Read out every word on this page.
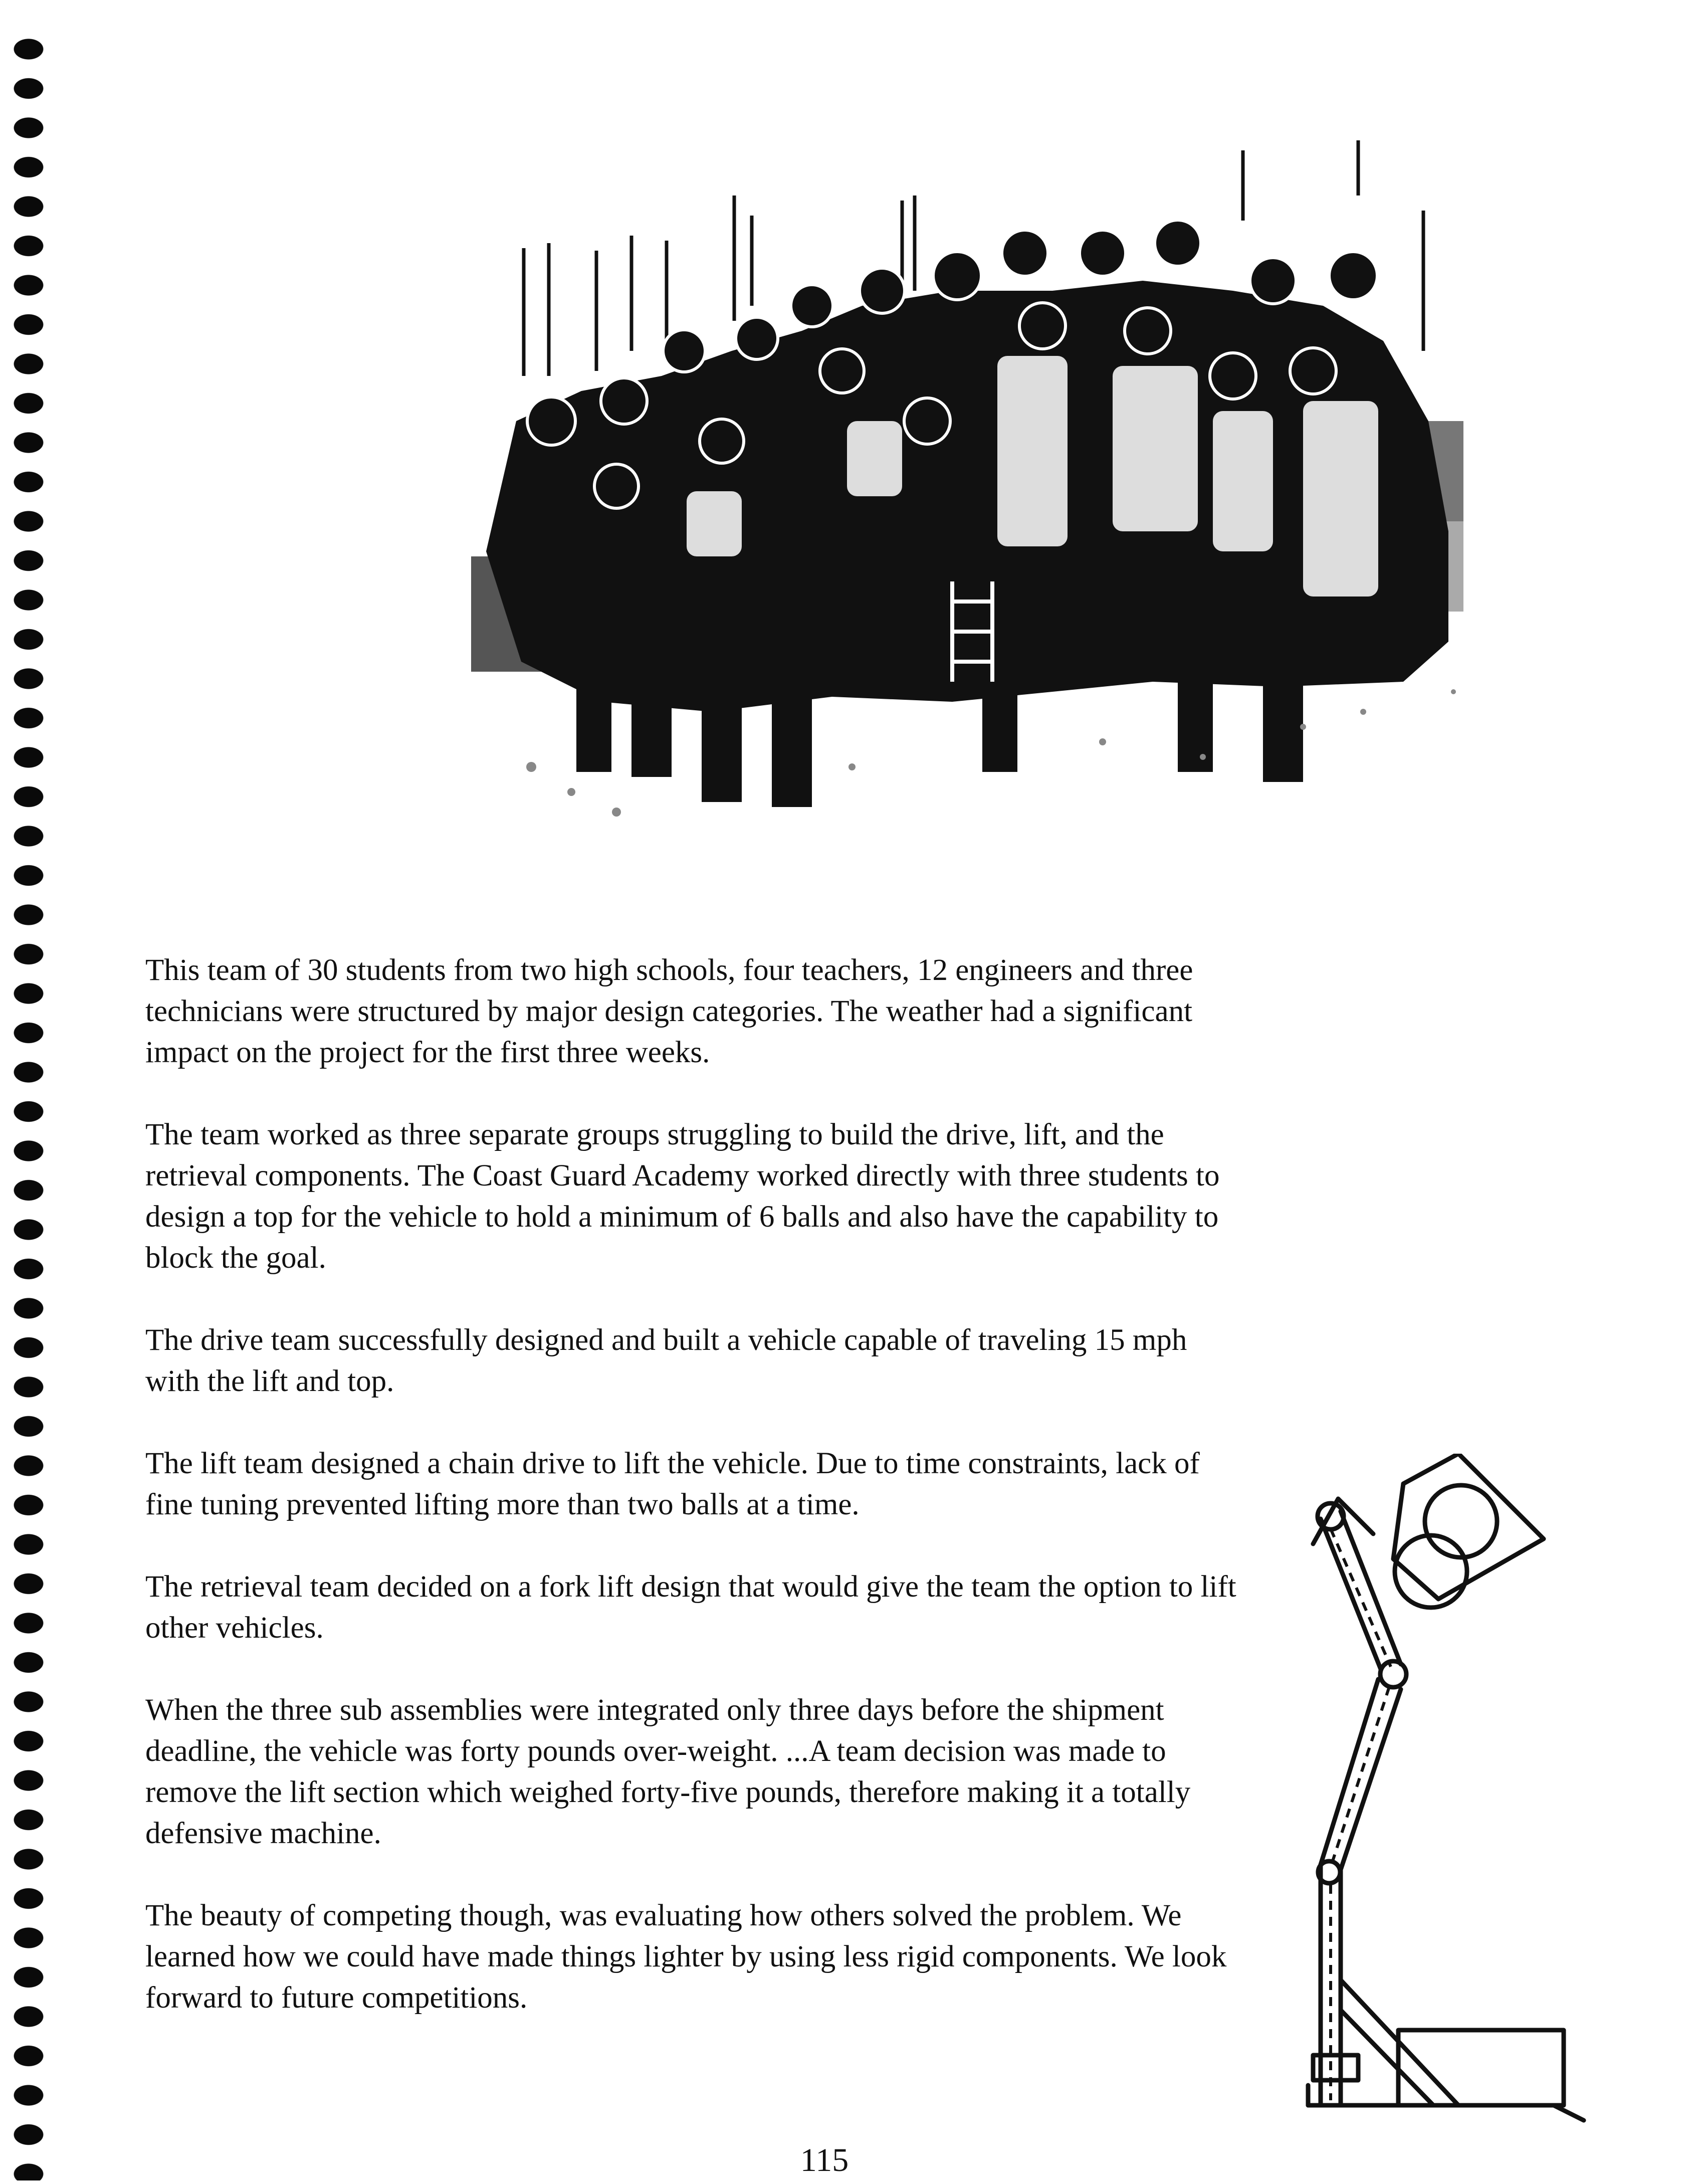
This team of 30 students from two high schools, four teachers, 12 engineers and three technicians were structured by major design categories. The weather had a significant impact on the project for the first three weeks.

The team worked as three separate groups struggling to build the drive, lift, and the retrieval components. The Coast Guard Academy worked directly with three students to design a top for the vehicle to hold a minimum of 6 balls and also have the capability to block the goal.

The drive team successfully designed and built a vehicle capable of traveling 15 mph with the lift and top.

The lift team designed a chain drive to lift the vehicle. Due to time constraints, lack of fine tuning prevented lifting more than two balls at a time.

The retrieval team decided on a fork lift design that would give the team the option to lift other vehicles.

When the three sub assemblies were integrated only three days before the shipment deadline, the vehicle was forty pounds over-weight. ...A team decision was made to remove the lift section which weighed forty-five pounds, therefore making it a totally defensive machine.

The beauty of competing though, was evaluating how others solved the problem. We learned how we could have made things lighter by using less rigid components. We look forward to future competitions.

115
